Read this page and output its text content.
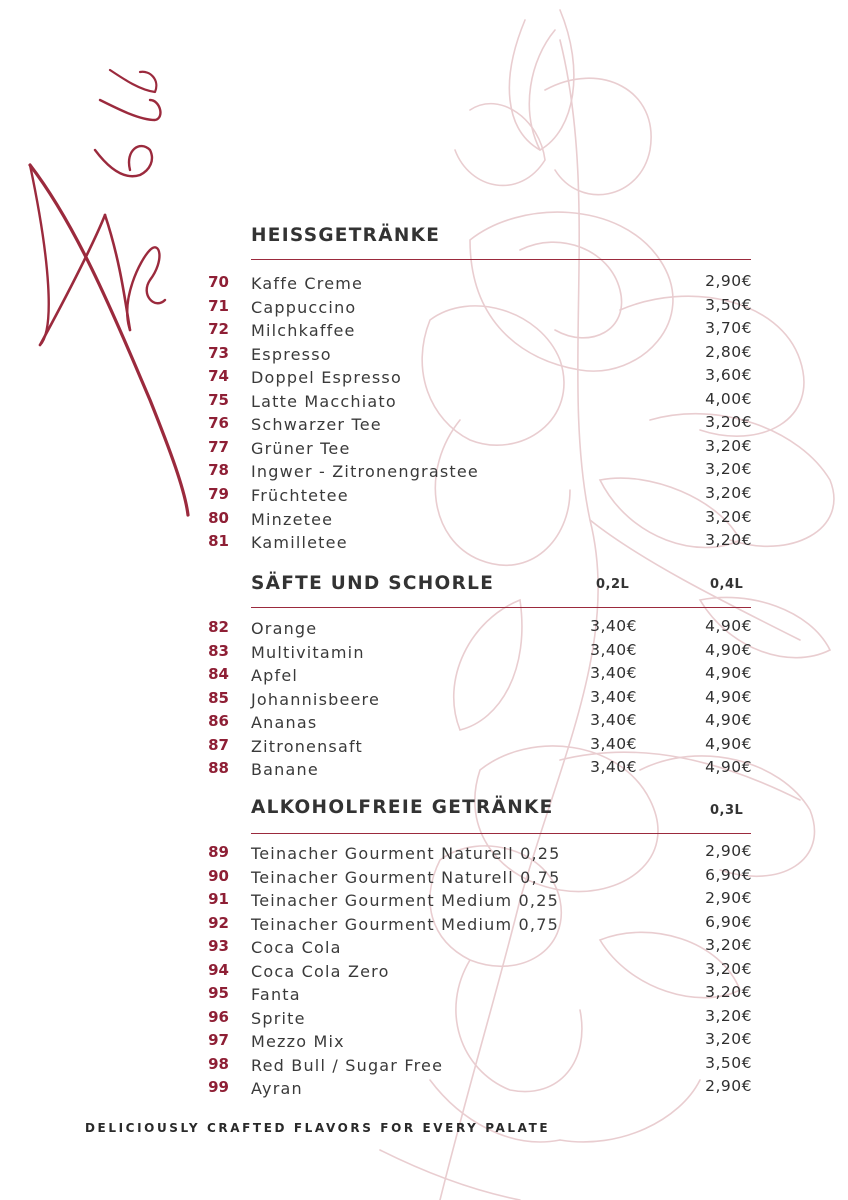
HEISSGETRÄNKE
70 Kaffe Creme	2,90€
71 Cappuccino	3,50€
72 Milchkaffee	3,70€
73 Espresso	2,80€
74 Doppel Espresso	3,60€
75 Latte Macchiato	4,00€
76 Schwarzer Tee	3,20€
77 Grüner Tee	3,20€
78 Ingwer - Zitronengrastee	3,20€
79 Früchtetee	3,20€
80 Minzetee	3,20€
81 Kamilletee	3,20€
SÄFTE UND SCHORLE	0,2L	0,4L
82 Orange	3,40€	4,90€
83 Multivitamin	3,40€	4,90€
84 Apfel	3,40€	4,90€
85 Johannisbeere	3,40€	4,90€
86 Ananas	3,40€	4,90€
87 Zitronensaft	3,40€	4,90€
88 Banane	3,40€	4,90€
ALKOHOLFREIE GETRÄNKE	0,3L
89 Teinacher Gourment Naturell 0,25	2,90€
90 Teinacher Gourment Naturell 0,75	6,90€
91 Teinacher Gourment Medium 0,25	2,90€
92 Teinacher Gourment Medium 0,75	6,90€
93 Coca Cola	3,20€
94 Coca Cola Zero	3,20€
95 Fanta	3,20€
96 Sprite	3,20€
97 Mezzo Mix	3,20€
98 Red Bull / Sugar Free	3,50€
99 Ayran	2,90€
DELICIOUSLY CRAFTED FLAVORS FOR EVERY PALATE
